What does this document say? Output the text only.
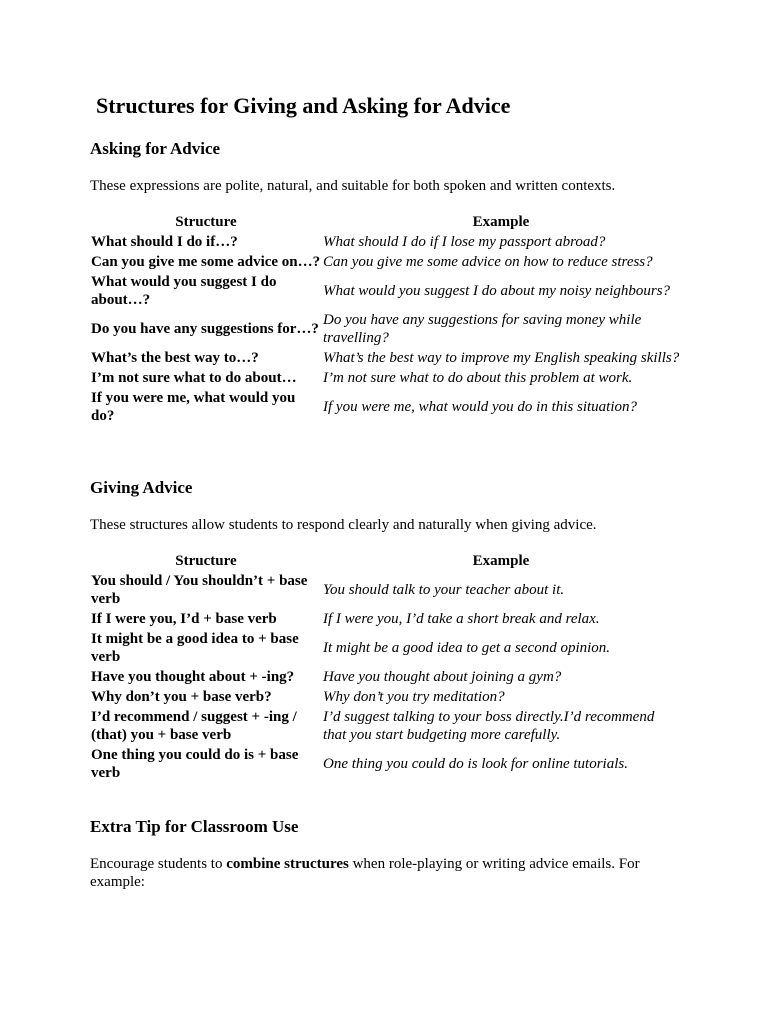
Structures for Giving and Asking for Advice
Asking for Advice

These expressions are polite, natural, and suitable for both spoken and written contexts.

Structure	Example
What should I do if…?	What should I do if I lose my passport abroad?
Can you give me some advice on…?	Can you give me some advice on how to reduce stress?
What would you suggest I do about…?	What would you suggest I do about my noisy neighbours?
Do you have any suggestions for…?	Do you have any suggestions for saving money while travelling?
What’s the best way to…?	What’s the best way to improve my English speaking skills?
I’m not sure what to do about…	I’m not sure what to do about this problem at work.
If you were me, what would you do?	If you were me, what would you do in this situation?
Giving Advice

These structures allow students to respond clearly and naturally when giving advice.

Structure	Example
You should / You shouldn’t + base verb	You should talk to your teacher about it.
If I were you, I’d + base verb	If I were you, I’d take a short break and relax.
It might be a good idea to + base verb	It might be a good idea to get a second opinion.
Have you thought about + -ing?	Have you thought about joining a gym?
Why don’t you + base verb?	Why don’t you try meditation?
I’d recommend / suggest + -ing / (that) you + base verb	I’d suggest talking to your boss directly.I’d recommend that you start budgeting more carefully.
One thing you could do is + base verb	One thing you could do is look for online tutorials.
Extra Tip for Classroom Use

Encourage students to combine structures when role-playing or writing advice emails. For example:
